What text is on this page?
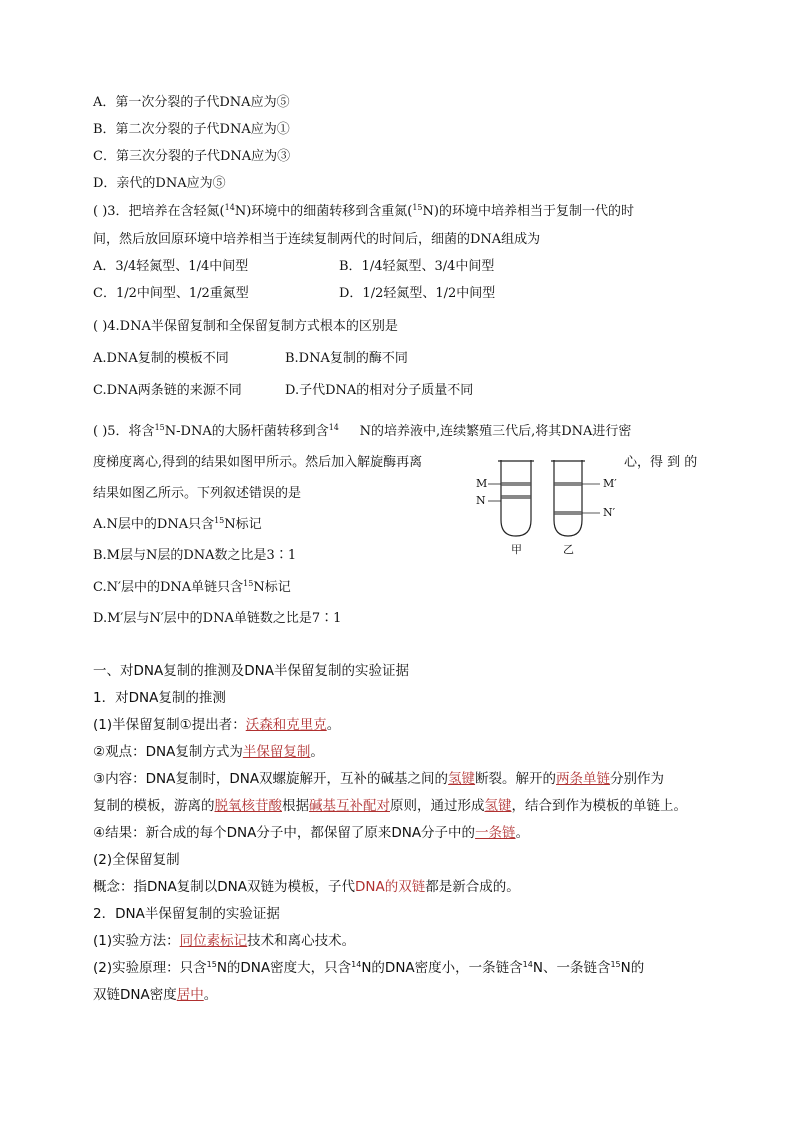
A．第一次分裂的子代DNA应为⑤
B．第二次分裂的子代DNA应为①
C．第三次分裂的子代DNA应为③
D．亲代的DNA应为⑤
( )3．把培养在含轻氮($^{14}$N)环境中的细菌转移到含重氮($^{15}$N)的环境中培养相当于复制一代的时
间，然后放回原环境中培养相当于连续复制两代的时间后，细菌的DNA组成为
A．3/4轻氮型、1/4中间型	B．1/4轻氮型、3/4中间型
C．1/2中间型、1/2重氮型	D．1/2轻氮型、1/2中间型
( )4.DNA半保留复制和全保留复制方式根本的区别是
A.DNA复制的模板不同	B.DNA复制的酶不同
C.DNA两条链的来源不同	D.子代DNA的相对分子质量不同
( )5．将含$^{15}$N-DNA的大肠杆菌转移到含$^{14}$ N的培养液中,连续繁殖三代后,将其DNA进行密
度梯度离心,得到的结果如图甲所示。然后加入解旋酶再离	心，得 到 的
结果如图乙所示。下列叙述错误的是
A.N层中的DNA只含$^{15}$N标记
B.M层与N层的DNA数之比是3∶1
C.N′层中的DNA单链只含$^{15}$N标记
D.M′层与N′层中的DNA单链数之比是7∶1
M
N
M′
N′
甲	乙
一、对DNA复制的推测及DNA半保留复制的实验证据
1．对DNA复制的推测
(1)半保留复制①提出者：沃森和克里克。
②观点：DNA复制方式为半保留复制。
③内容：DNA复制时，DNA双螺旋解开，互补的碱基之间的氢键断裂。解开的两条单链分别作为
复制的模板，游离的脱氧核苷酸根据碱基互补配对原则，通过形成氢键，结合到作为模板的单链上。
④结果：新合成的每个DNA分子中，都保留了原来DNA分子中的一条链。
(2)全保留复制
概念：指DNA复制以DNA双链为模板，子代DNA的双链都是新合成的。
2．DNA半保留复制的实验证据
(1)实验方法：同位素标记技术和离心技术。
(2)实验原理：只含$^{15}$N的DNA密度大，只含$^{14}$N的DNA密度小，一条链含$^{14}$N、一条链含$^{15}$N的
双链DNA密度居中。
